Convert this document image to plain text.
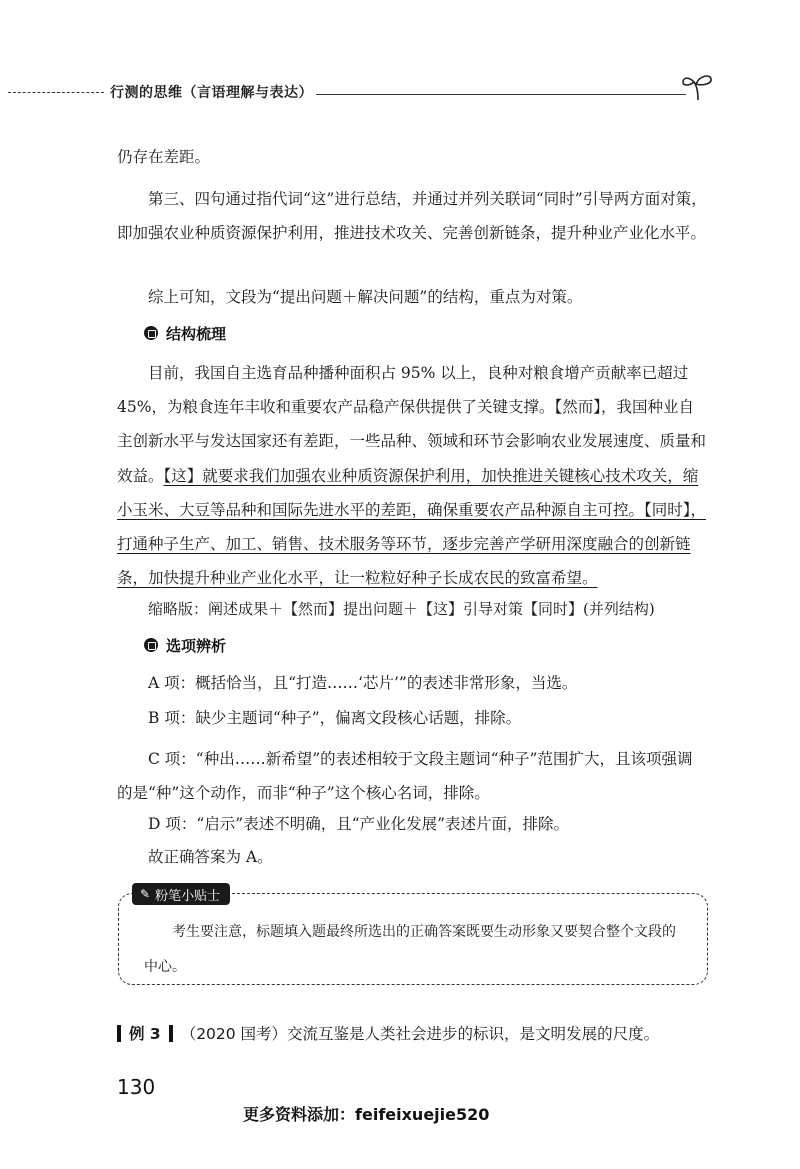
行测的思维（言语理解与表达）

仍存在差距。

第三、四句通过指代词“这”进行总结，并通过并列关联词“同时”引导两方面对策，即加强农业种质资源保护利用，推进技术攻关、完善创新链条，提升种业产业化水平。

综上可知，文段为“提出问题＋解决问题”的结构，重点为对策。

结构梳理

目前，我国自主选育品种播种面积占 95% 以上，良种对粮食增产贡献率已超过 45%，为粮食连年丰收和重要农产品稳产保供提供了关键支撑。【然而】，我国种业自主创新水平与发达国家还有差距，一些品种、领域和环节会影响农业发展速度、质量和效益。【这】就要求我们加强农业种质资源保护利用，加快推进关键核心技术攻关，缩小玉米、大豆等品种和国际先进水平的差距，确保重要农产品种源自主可控。【同时】，打通种子生产、加工、销售、技术服务等环节，逐步完善产学研用深度融合的创新链条，加快提升种业产业化水平，让一粒粒好种子长成农民的致富希望。

缩略版：阐述成果＋【然而】提出问题＋【这】引导对策【同时】(并列结构)

选项辨析

A 项：概括恰当，且“打造……‘芯片’”的表述非常形象，当选。

B 项：缺少主题词“种子”，偏离文段核心话题，排除。

C 项：“种出……新希望”的表述相较于文段主题词“种子”范围扩大，且该项强调的是“种”这个动作，而非“种子”这个核心名词，排除。

D 项：“启示”表述不明确，且“产业化发展”表述片面，排除。

故正确答案为 A。

✎ 粉笔小贴士
考生要注意，标题填入题最终所选出的正确答案既要生动形象又要契合整个文段的中心。
例 3 （2020 国考）交流互鉴是人类社会进步的标识，是文明发展的尺度。
130
更多资料添加：feifeixuejie520
